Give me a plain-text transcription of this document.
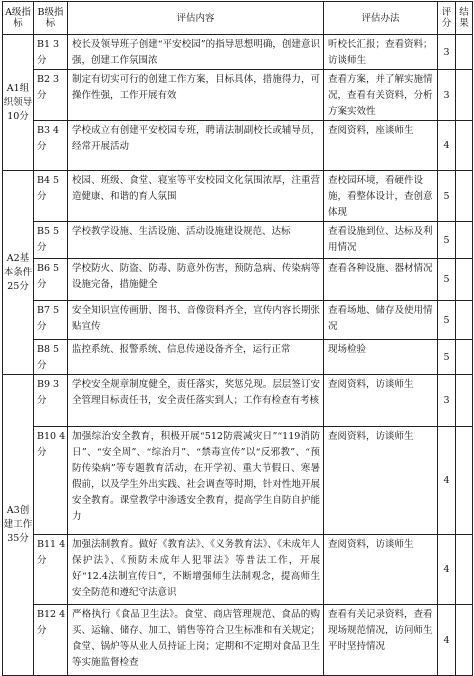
A级指标	B级指标	评估内容	评估办法	评分	结果
A1组织领导10分	B1 3分	校长及领导班子创建“平安校园”的指导思想明确，创建意识强，创建工作氛围浓	听校长汇报；查看资料；访谈师生	3	
	B2 3分	制定有切实可行的创建工作方案，目标具体，措施得力，可操作性强，工作开展有效	查看方案，并了解实施情况，查看有关资料，分析方案实效性	3	
	B3 4分	学校成立有创建平安校园专班，聘请法制副校长或辅导员，经常开展活动	查阅资料，座谈师生	4	
A2基本条件25分	B4 5分	校园、班级、食堂、寝室等平安校园文化氛围浓厚，注重营造健康、和谐的育人氛围	查校园环境，看硬件设施，看整体设计，查创意体现	5	
	B5 5分	学校教学设施、生活设施、活动设施建设规范、达标	查看设施到位、达标及利用情况	5	
	B6 5分	学校防火、防盗、防毒、防意外伤害，预防急病、传染病等设施完备，措施健全	查看各种设施、器材情况	5	
	B7 5分	安全知识宣传画册、图书、音像资料齐全，宣传内容长期张贴宣传	查看场地、储存及使用情况	5	
	B8 5分	监控系统、报警系统、信息传递设备齐全，运行正常	现场检验	5	
A3创建工作35分	B9 3分	学校安全规章制度健全，责任落实，奖惩兑现。层层签订安全管理目标责任书，安全责任落实到人；工作有检查有考核	查阅资料，访谈师生	3	
	B10 4分	加强综治安全教育，积极开展“512防震减灾日”“119消防日”、“安全周”、“综治月”、“禁毒宣传”以“反邪教”、“预防传染病”等专题教育活动，在开学初、重大节假日、寒暑假前，以及学生外出实践、社会调查等时期，针对性地开展安全教育。课堂教学中渗透安全教育，提高学生自防自护能力	查阅资料，访谈师生	4	
	B11 4分	加强法制教育。做好《教育法》、《义务教育法》、《未成年人保护法》、《预防未成年人犯罪法》等普法工作，开展好“12.4法制宣传日”，不断增强师生法制观念，提高师生安全防范和遵纪守法意识	查阅资料，访谈师生	4	
	B12 4分	严格执行《食品卫生法》。食堂、商店管理规范、食品的购买、运输、储存、加工、销售等符合卫生标准和有关规定；食堂、锅炉等从业人员持证上岗；定期和不定期对食品卫生等实施监督检查	查看有关记录资料，查看现场规范情况，访问师生平时坚持情况	4	
